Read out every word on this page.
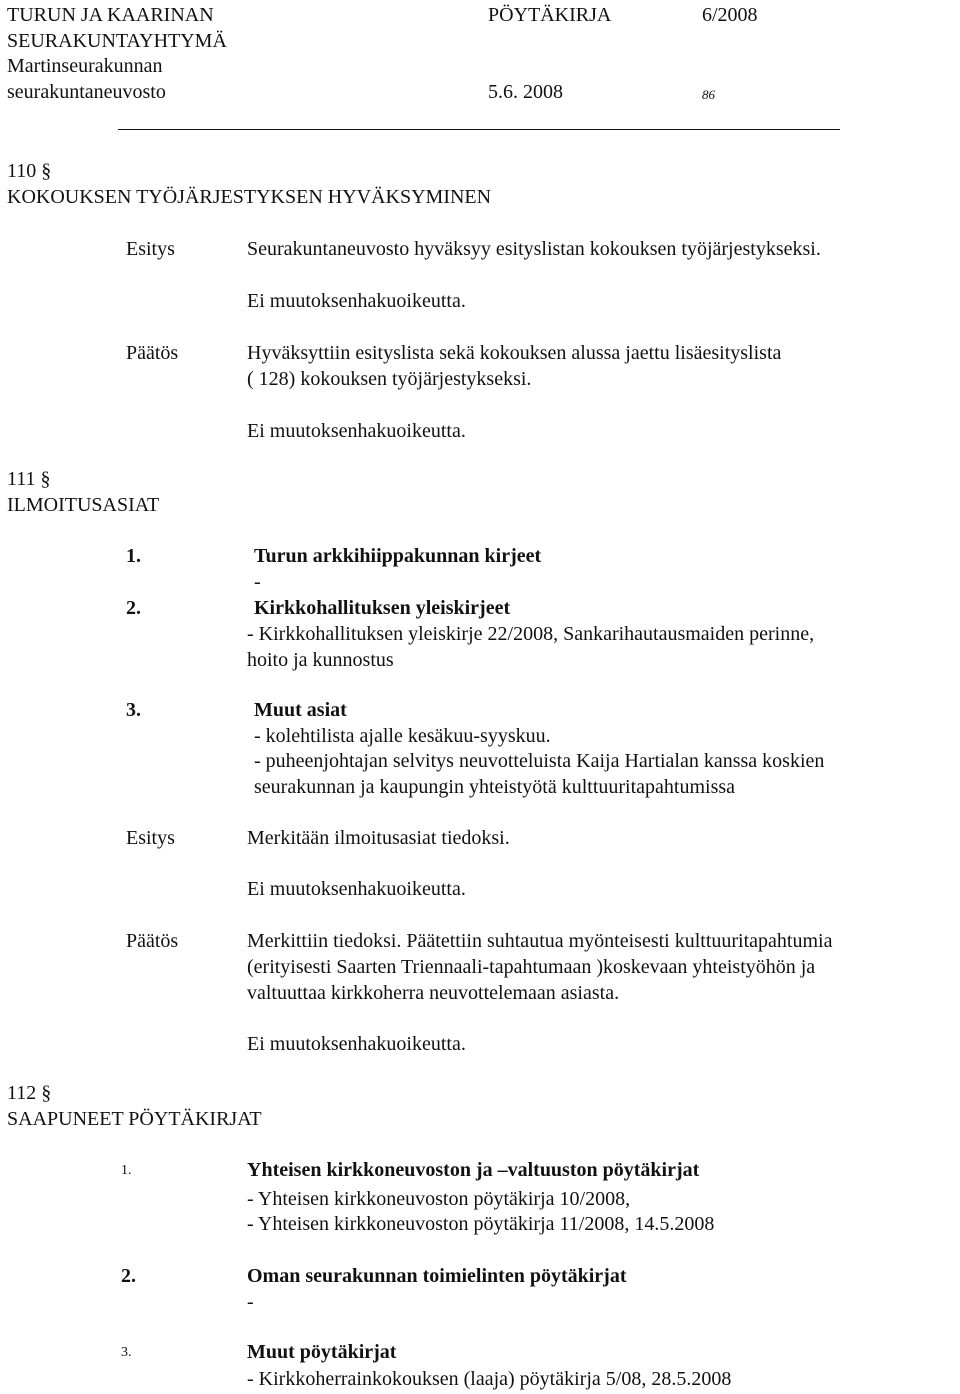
TURUN JA KAARINAN
SEURAKUNTAYHTYMÄ
Martinseurakunnan
seurakuntaneuvosto
PÖYTÄKIRJA	6/2008
5.6. 2008	86
110 §
KOKOUKSEN TYÖJÄRJESTYKSEN HYVÄKSYMINEN
Esitys	Seurakuntaneuvosto hyväksyy esityslistan kokouksen työjärjestykseksi.
Ei muutoksenhakuoikeutta.
Päätös	Hyväksyttiin esityslista sekä kokouksen alussa jaettu lisäesityslista
( 128) kokouksen työjärjestykseksi.
Ei muutoksenhakuoikeutta.
111 §
ILMOITUSASIAT
1.	Turun arkkihiippakunnan kirjeet
-
2.	Kirkkohallituksen yleiskirjeet
- Kirkkohallituksen yleiskirje 22/2008, Sankarihautausmaiden perinne,
hoito ja kunnostus
3.	Muut asiat
- kolehtilista ajalle kesäkuu-syyskuu.
- puheenjohtajan selvitys neuvotteluista Kaija Hartialan kanssa koskien
seurakunnan ja kaupungin yhteistyötä kulttuuritapahtumissa
Esitys	Merkitään ilmoitusasiat tiedoksi.
Ei muutoksenhakuoikeutta.
Päätös	Merkittiin tiedoksi. Päätettiin suhtautua myönteisesti kulttuuritapahtumia
(erityisesti Saarten Triennaali-tapahtumaan )koskevaan yhteistyöhön ja
valtuuttaa kirkkoherra neuvottelemaan asiasta.
Ei muutoksenhakuoikeutta.
112 §
SAAPUNEET PÖYTÄKIRJAT
1.	Yhteisen kirkkoneuvoston ja –valtuuston pöytäkirjat
- Yhteisen kirkkoneuvoston pöytäkirja 10/2008,
- Yhteisen kirkkoneuvoston pöytäkirja 11/2008, 14.5.2008
2.	Oman seurakunnan toimielinten pöytäkirjat
-
3.	Muut pöytäkirjat
- Kirkkoherrainkokouksen (laaja) pöytäkirja 5/08, 28.5.2008
